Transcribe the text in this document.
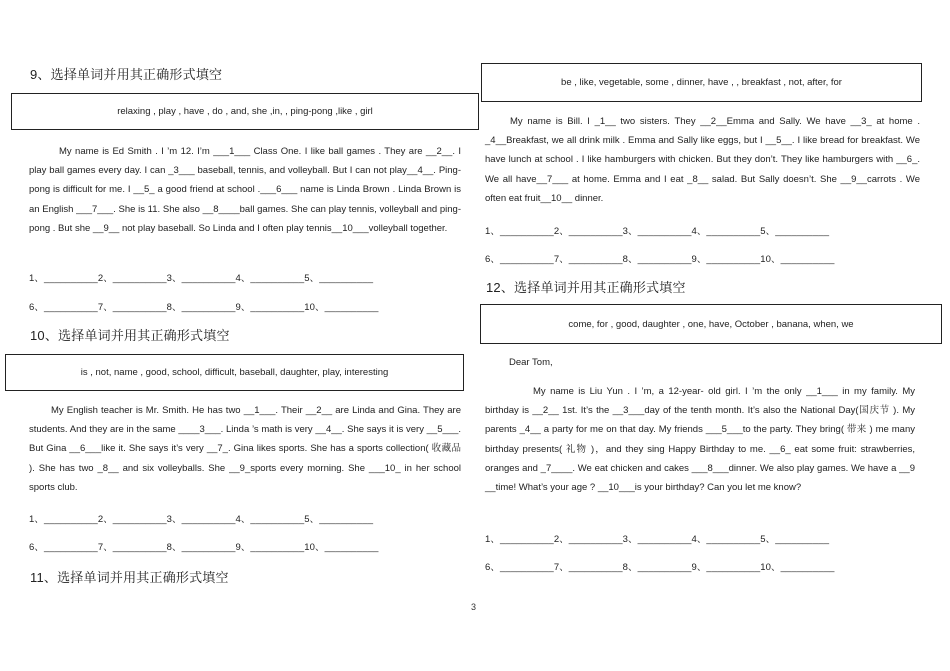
9、选择单词并用其正确形式填空
relaxing , play , have , do , and, she ,in, , ping-pong ,like , girl

My name is Ed Smith . I ’m 12. I’m ___1___ Class One. I like ball games . They are __2__. I play ball games every day. I can _3___ baseball, tennis, and volleyball. But I can not play__4__. Ping-pong is difficult for me. I __5_ a good friend at school .___6___ name is Linda Brown . Linda Brown is an English ___7___. She is 11. She also __8____ball games. She can play tennis, volleyball and ping- pong . But she __9__ not play baseball. So Linda and I often play tennis__10___volleyball together.

1、__________2、__________3、__________4、__________5、__________
6、__________7、__________8、__________9、__________10、__________
10、选择单词并用其正确形式填空
is , not, name , good, school, difficult, baseball, daughter, play, interesting

My English teacher is Mr. Smith. He has two __1___. Their __2__ are Linda and Gina. They are students. And they are in the same ____3___. Linda ’s math is very __4__. She says it is very __5___. But Gina __6___like it. She says it’s very __7_. Gina likes sports. She has a sports collection( 收藏品 ). She has two _8__ and six volleyballs. She __9_sports every morning. She ___10_ in her school sports club.

1、__________2、__________3、__________4、__________5、__________
6、__________7、__________8、__________9、__________10、__________
11、选择单词并用其正确形式填空
be , like, vegetable, some , dinner, have , , breakfast , not, after, for

My name is Bill. I _1__ two sisters. They __2__Emma and Sally. We have __3_ at home . _4__Breakfast, we all drink milk . Emma and Sally like eggs, but I __5__. I like bread for breakfast. We have lunch at school . I like hamburgers with chicken. But they don’t. They like hamburgers with __6_. We all have__7___ at home. Emma and I eat _8__ salad. But Sally doesn’t. She __9__carrots . We often eat fruit__10__ dinner.

1、__________2、__________3、__________4、__________5、__________
6、__________7、__________8、__________9、__________10、__________
12、选择单词并用其正确形式填空
come, for , good, daughter , one, have, October , banana, when, we
Dear Tom,

My name is Liu Yun . I ’m, a 12-year- old girl. I ’m the only __1___ in my family. My birthday is __2__ 1st. It’s the __3___day of the tenth month. It’s also the National Day(国庆节 ). My parents _4__ a party for me on that day. My friends ___5___to the party. They bring( 带来 ) me many birthday presents( 礼物 )，and they sing Happy Birthday to me. __6_ eat some fruit: strawberries, oranges and _7____. We eat chicken and cakes ___8___dinner. We also play games. We have a __9 __time! What’s your age ? __10___is your birthday? Can you let me know?

1、__________2、__________3、__________4、__________5、__________
6、__________7、__________8、__________9、__________10、__________
3
